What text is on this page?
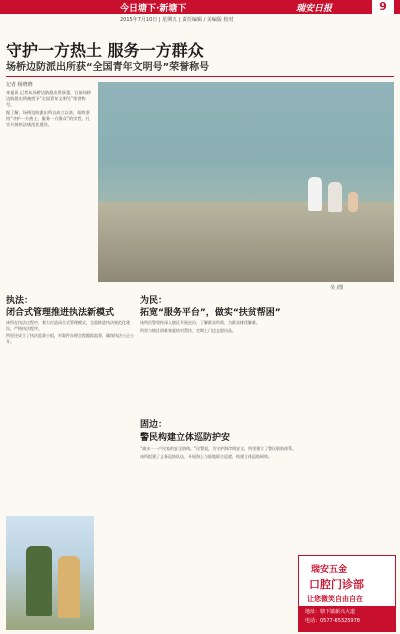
今日塘下·新塘下	瑞安日报	9
2015年7月10日 | 星期五 | 责任编辑 / 美编版 校对
守护一方热土 服务一方群众
场桥边防派出所获“全国青年文明号”荣誉称号
记者 杨晓晓

本报讯 记者从场桥边防派出所获悉，日前场桥边防派出所被授予“全国青年文明号”荣誉称号。

据了解，场桥边防派出所自成立以来，始终坚持“守护一方热土，服务一方群众”的宗旨，扎实开展执法规范化建设。

吴 /图
执法：
闭合式管理推进执法新模式

该所在执法过程中，着力打造闭合式管理模式，全面推进执法规范化建设，严格执法程序。

所里还成立了执法监督小组，对案件办理全程跟踪监督，确保执法公正公开。

为民：
拓宽“服务平台”，做实“扶贫帮困”

该所民警坚持深入辖区开展走访，了解群众所需，为群众排忧解难。

所里与辖区困难家庭结对帮扶，定期上门送去慰问品。

固边：
警民构建立体巡防护安

“滴水一一户民家的安全防线。”民警说，为守护海岸线安全，所里建立了警民联防体系。

该所组建了义务巡防队伍，开展海上与陆地联合巡逻，构建立体巡防网络。

瑞安五金
口腔门诊部
让您微笑自由自在
地址：塘下镇新兴大道
电话：0577-65325978
